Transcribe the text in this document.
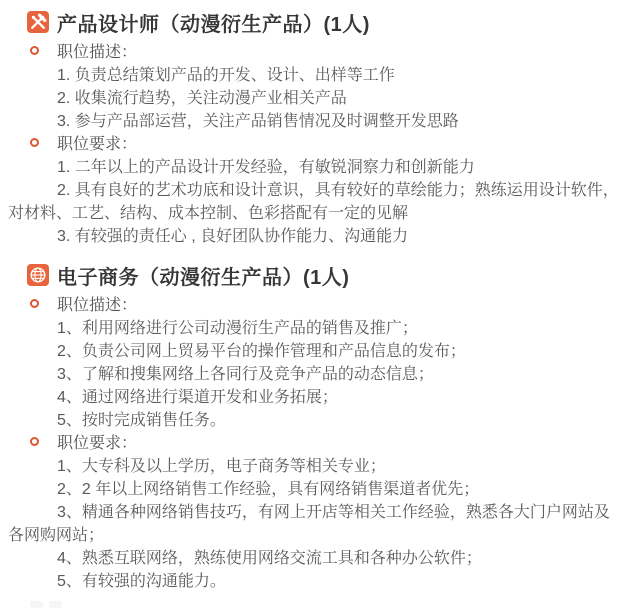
产品设计师（动漫衍生产品）(1人)
职位描述：

1. 负责总结策划产品的开发、设计、出样等工作

2. 收集流行趋势，关注动漫产业相关产品

3. 参与产品部运营，关注产品销售情况及时调整开发思路

职位要求：

1. 二年以上的产品设计开发经验，有敏锐洞察力和创新能力

2. 具有良好的艺术功底和设计意识，具有较好的草绘能力；熟练运用设计软件，对材料、工艺、结构、成本控制、色彩搭配有一定的见解

3. 有较强的责任心 , 良好团队协作能力、沟通能力

电子商务（动漫衍生产品）(1人)
职位描述：

1、利用网络进行公司动漫衍生产品的销售及推广；

2、负责公司网上贸易平台的操作管理和产品信息的发布；

3、了解和搜集网络上各同行及竞争产品的动态信息；

4、通过网络进行渠道开发和业务拓展；

5、按时完成销售任务。

职位要求：

1、大专科及以上学历，电子商务等相关专业；

2、2 年以上网络销售工作经验，具有网络销售渠道者优先；

3、精通各种网络销售技巧，有网上开店等相关工作经验，熟悉各大门户网站及各网购网站；

4、熟悉互联网络，熟练使用网络交流工具和各种办公软件；

5、有较强的沟通能力。
